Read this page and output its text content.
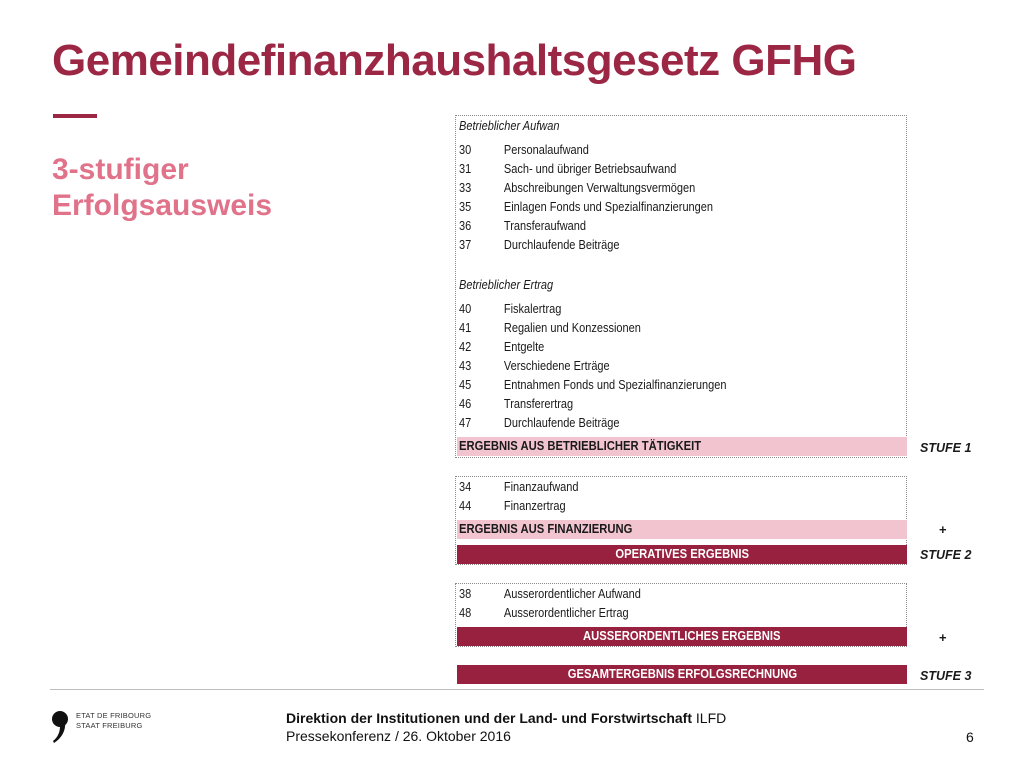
Gemeindefinanzhaushaltsgesetz GFHG
3-stufiger Erfolgsausweis
Betrieblicher Aufwan
30	Personalaufwand
31	Sach- und übriger Betriebsaufwand
33	Abschreibungen Verwaltungsvermögen
35	Einlagen Fonds und Spezialfinanzierungen
36	Transferaufwand
37	Durchlaufende Beiträge
Betrieblicher Ertrag
40	Fiskalertrag
41	Regalien und Konzessionen
42	Entgelte
43	Verschiedene Erträge
45	Entnahmen Fonds und Spezialfinanzierungen
46	Transferertrag
47	Durchlaufende Beiträge
ERGEBNIS AUS BETRIEBLICHER TÄTIGKEIT	STUFE 1
34	Finanzaufwand
44	Finanzertrag
ERGEBNIS AUS FINANZIERUNG	+
OPERATIVES ERGEBNIS	STUFE 2
38	Ausserordentlicher Aufwand
48	Ausserordentlicher Ertrag
AUSSERORDENTLICHES ERGEBNIS	+
GESAMTERGEBNIS ERFOLGSRECHNUNG	STUFE 3
ETAT DE FRIBOURG
STAAT FREIBURG	Direktion der Institutionen und der Land- und Forstwirtschaft ILFD
Pressekonferenz / 26. Oktober 2016	6
